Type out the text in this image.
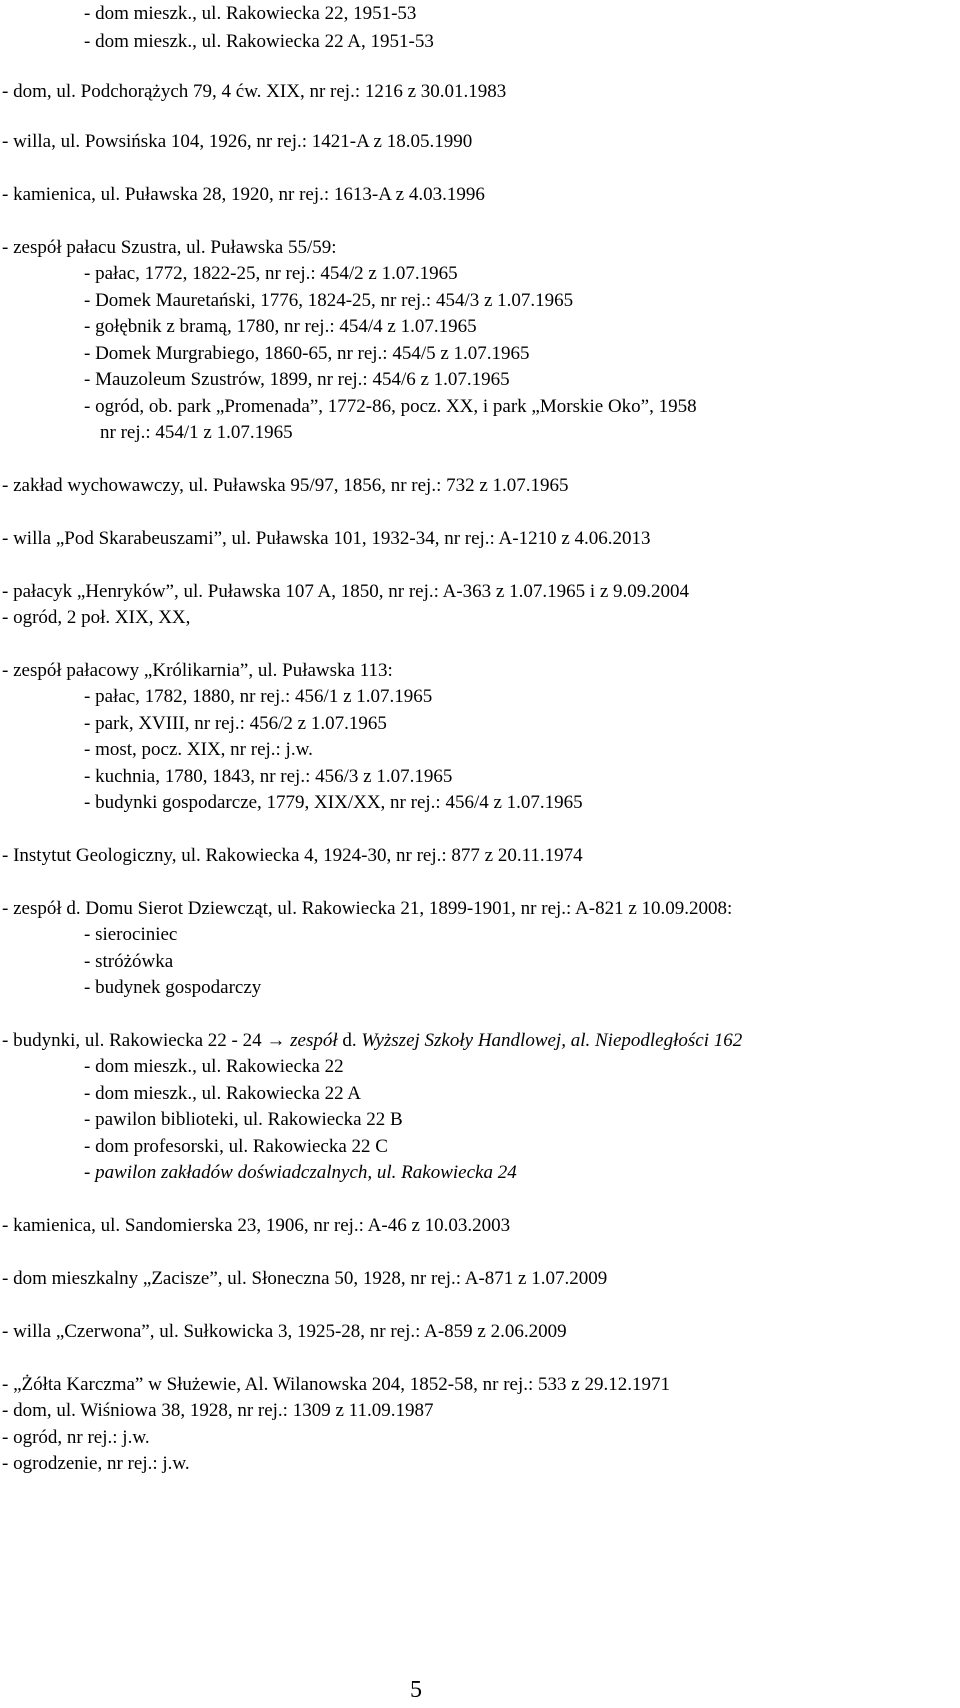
- dom mieszk., ul. Rakowiecka 22, 1951-53
- dom mieszk., ul. Rakowiecka 22 A, 1951-53
- dom, ul. Podchorążych 79, 4 ćw. XIX, nr rej.: 1216 z 30.01.1983
- willa, ul. Powsińska 104, 1926, nr rej.: 1421-A z 18.05.1990
- kamienica, ul. Puławska 28, 1920, nr rej.: 1613-A z 4.03.1996
- zespół pałacu Szustra, ul. Puławska 55/59:
- pałac, 1772, 1822-25, nr rej.: 454/2 z 1.07.1965
- Domek Mauretański, 1776, 1824-25, nr rej.: 454/3 z 1.07.1965
- gołębnik z bramą, 1780, nr rej.: 454/4 z 1.07.1965
- Domek Murgrabiego, 1860-65, nr rej.: 454/5 z 1.07.1965
- Mauzoleum Szustrów, 1899, nr rej.: 454/6 z 1.07.1965
- ogród, ob. park „Promenada”, 1772-86, pocz. XX, i park „Morskie Oko”, 1958
nr rej.: 454/1 z 1.07.1965
- zakład wychowawczy, ul. Puławska 95/97, 1856, nr rej.: 732 z 1.07.1965
- willa „Pod Skarabeuszami”, ul. Puławska 101, 1932-34, nr rej.: A-1210 z 4.06.2013
- pałacyk „Henryków”, ul. Puławska 107 A, 1850, nr rej.: A-363 z 1.07.1965 i z 9.09.2004
- ogród, 2 poł. XIX, XX,
- zespół pałacowy „Królikarnia”, ul. Puławska 113:
- pałac, 1782, 1880, nr rej.: 456/1 z 1.07.1965
- park, XVIII, nr rej.: 456/2 z 1.07.1965
- most, pocz. XIX, nr rej.: j.w.
- kuchnia, 1780, 1843, nr rej.: 456/3 z 1.07.1965
- budynki gospodarcze, 1779, XIX/XX, nr rej.: 456/4 z 1.07.1965
- Instytut Geologiczny, ul. Rakowiecka 4, 1924-30, nr rej.: 877 z 20.11.1974
- zespół d. Domu Sierot Dziewcząt, ul. Rakowiecka 21, 1899-1901, nr rej.: A-821 z 10.09.2008:
- sierociniec
- stróżówka
- budynek gospodarczy
- budynki, ul. Rakowiecka 22 - 24 → zespół d. Wyższej Szkoły Handlowej, al. Niepodległości 162
- dom mieszk., ul. Rakowiecka 22
- dom mieszk., ul. Rakowiecka 22 A
- pawilon biblioteki, ul. Rakowiecka 22 B
- dom profesorski, ul. Rakowiecka 22 C
- pawilon zakładów doświadczalnych, ul. Rakowiecka 24
- kamienica, ul. Sandomierska 23, 1906, nr rej.: A-46 z 10.03.2003
- dom mieszkalny „Zacisze”, ul. Słoneczna 50, 1928, nr rej.: A-871 z 1.07.2009
- willa „Czerwona”, ul. Sułkowicka 3, 1925-28, nr rej.: A-859 z 2.06.2009
- „Żółta Karczma” w Służewie, Al. Wilanowska 204, 1852-58, nr rej.: 533 z 29.12.1971
- dom, ul. Wiśniowa 38, 1928, nr rej.: 1309 z 11.09.1987
- ogród, nr rej.: j.w.
- ogrodzenie, nr rej.: j.w.
5
